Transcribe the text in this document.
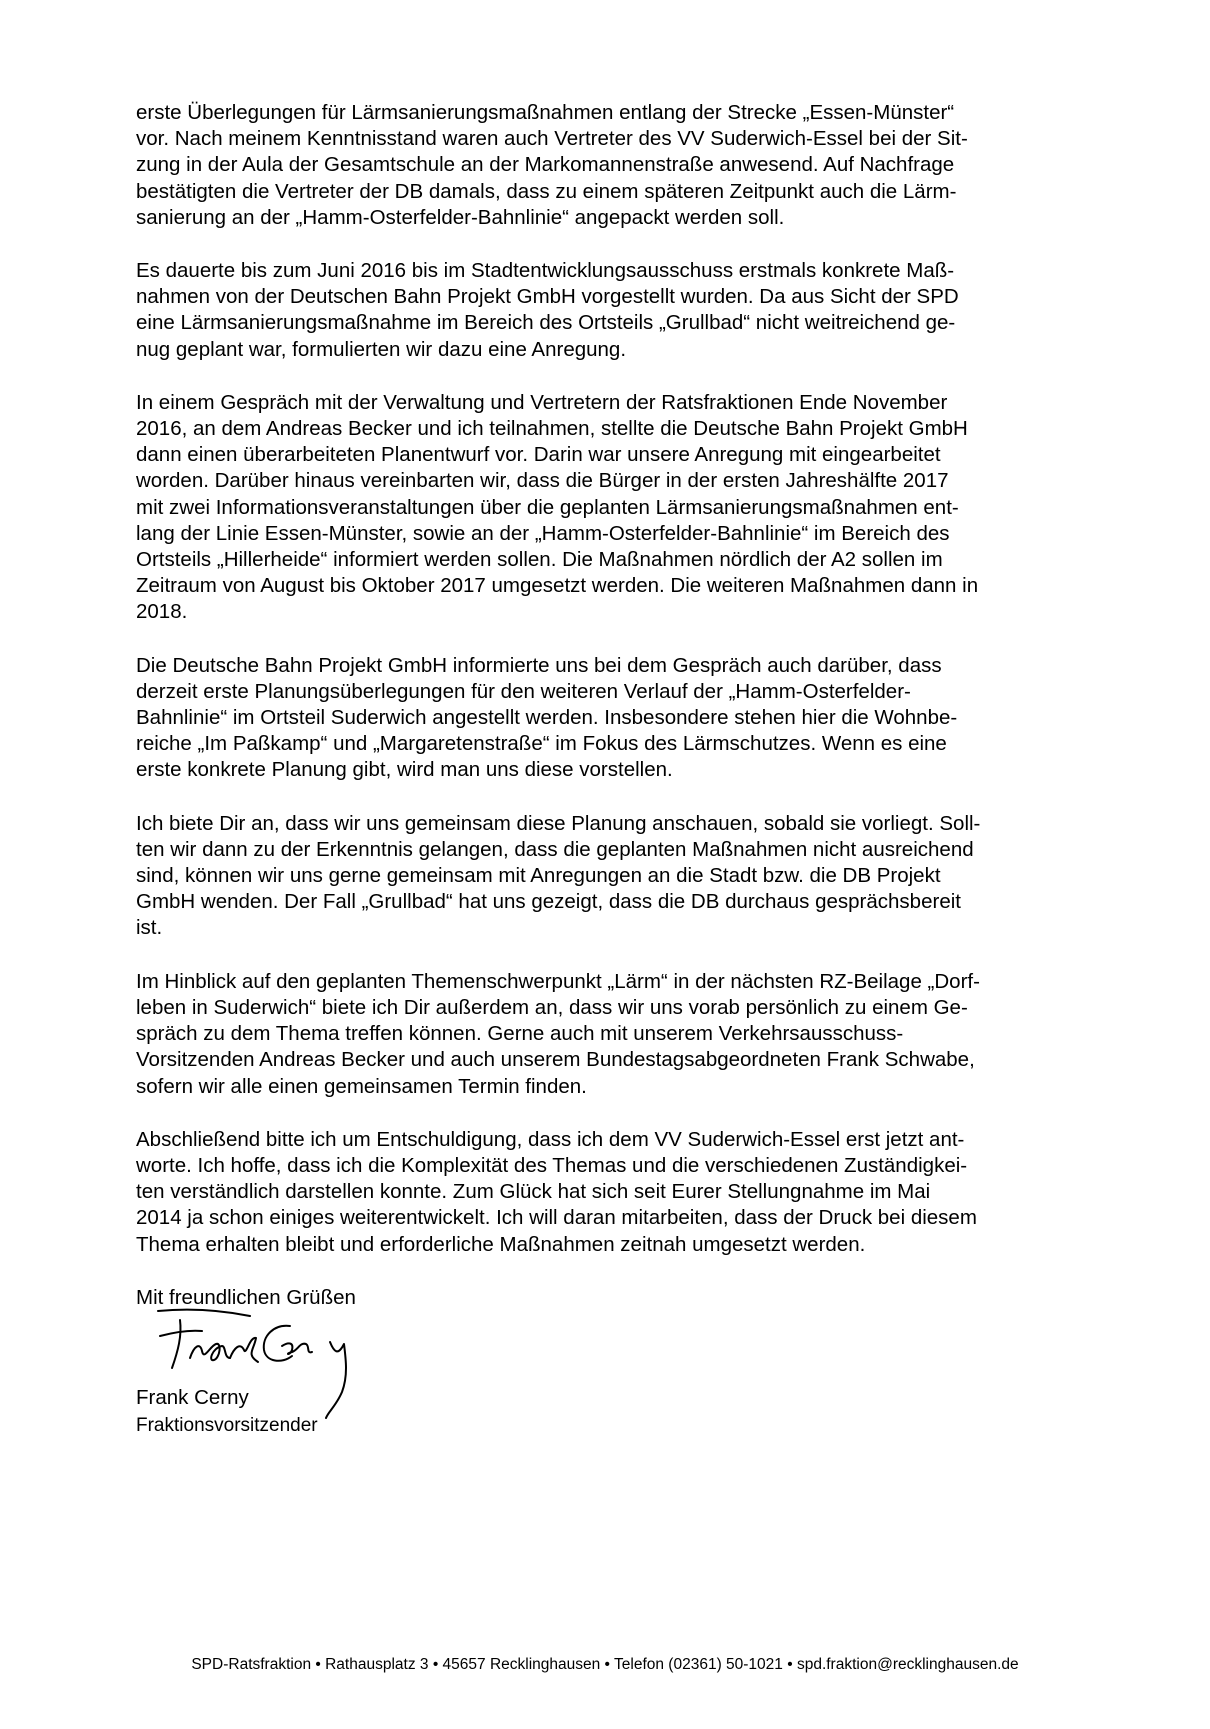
erste Überlegungen für Lärmsanierungsmaßnahmen entlang der Strecke „Essen-Münster“
vor. Nach meinem Kenntnisstand waren auch Vertreter des VV Suderwich-Essel bei der Sit-
zung in der Aula der Gesamtschule an der Markomannenstraße anwesend. Auf Nachfrage
bestätigten die Vertreter der DB damals, dass zu einem späteren Zeitpunkt auch die Lärm-
sanierung an der „Hamm-Osterfelder-Bahnlinie“ angepackt werden soll.

Es dauerte bis zum Juni 2016 bis im Stadtentwicklungsausschuss erstmals konkrete Maß-
nahmen von der Deutschen Bahn Projekt GmbH vorgestellt wurden. Da aus Sicht der SPD
eine Lärmsanierungsmaßnahme im Bereich des Ortsteils „Grullbad“ nicht weitreichend ge-
nug geplant war, formulierten wir dazu eine Anregung.

In einem Gespräch mit der Verwaltung und Vertretern der Ratsfraktionen Ende November
2016, an dem Andreas Becker und ich teilnahmen, stellte die Deutsche Bahn Projekt GmbH
dann einen überarbeiteten Planentwurf vor. Darin war unsere Anregung mit eingearbeitet
worden. Darüber hinaus vereinbarten wir, dass die Bürger in der ersten Jahreshälfte 2017
mit zwei Informationsveranstaltungen über die geplanten Lärmsanierungsmaßnahmen ent-
lang der Linie Essen-Münster, sowie an der „Hamm-Osterfelder-Bahnlinie“ im Bereich des
Ortsteils „Hillerheide“ informiert werden sollen. Die Maßnahmen nördlich der A2 sollen im
Zeitraum von August bis Oktober 2017 umgesetzt werden. Die weiteren Maßnahmen dann in
2018.

Die Deutsche Bahn Projekt GmbH informierte uns bei dem Gespräch auch darüber, dass
derzeit erste Planungsüberlegungen für den weiteren Verlauf der „Hamm-Osterfelder-
Bahnlinie“ im Ortsteil Suderwich angestellt werden. Insbesondere stehen hier die Wohnbe-
reiche „Im Paßkamp“ und „Margaretenstraße“ im Fokus des Lärmschutzes. Wenn es eine
erste konkrete Planung gibt, wird man uns diese vorstellen.

Ich biete Dir an, dass wir uns gemeinsam diese Planung anschauen, sobald sie vorliegt. Soll-
ten wir dann zu der Erkenntnis gelangen, dass die geplanten Maßnahmen nicht ausreichend
sind, können wir uns gerne gemeinsam mit Anregungen an die Stadt bzw. die DB Projekt
GmbH wenden. Der Fall „Grullbad“ hat uns gezeigt, dass die DB durchaus gesprächsbereit
ist.

Im Hinblick auf den geplanten Themenschwerpunkt „Lärm“ in der nächsten RZ-Beilage „Dorf-
leben in Suderwich“ biete ich Dir außerdem an, dass wir uns vorab persönlich zu einem Ge-
spräch zu dem Thema treffen können. Gerne auch mit unserem Verkehrsausschuss-
Vorsitzenden Andreas Becker und auch unserem Bundestagsabgeordneten Frank Schwabe,
sofern wir alle einen gemeinsamen Termin finden.

Abschließend bitte ich um Entschuldigung, dass ich dem VV Suderwich-Essel erst jetzt ant-
worte. Ich hoffe, dass ich die Komplexität des Themas und die verschiedenen Zuständigkei-
ten verständlich darstellen konnte. Zum Glück hat sich seit Eurer Stellungnahme im Mai
2014 ja schon einiges weiterentwickelt. Ich will daran mitarbeiten, dass der Druck bei diesem
Thema erhalten bleibt und erforderliche Maßnahmen zeitnah umgesetzt werden.

Mit freundlichen Grüßen

Frank Cerny
Fraktionsvorsitzender
SPD-Ratsfraktion • Rathausplatz 3 • 45657 Recklinghausen • Telefon (02361) 50-1021 • spd.fraktion@recklinghausen.de
